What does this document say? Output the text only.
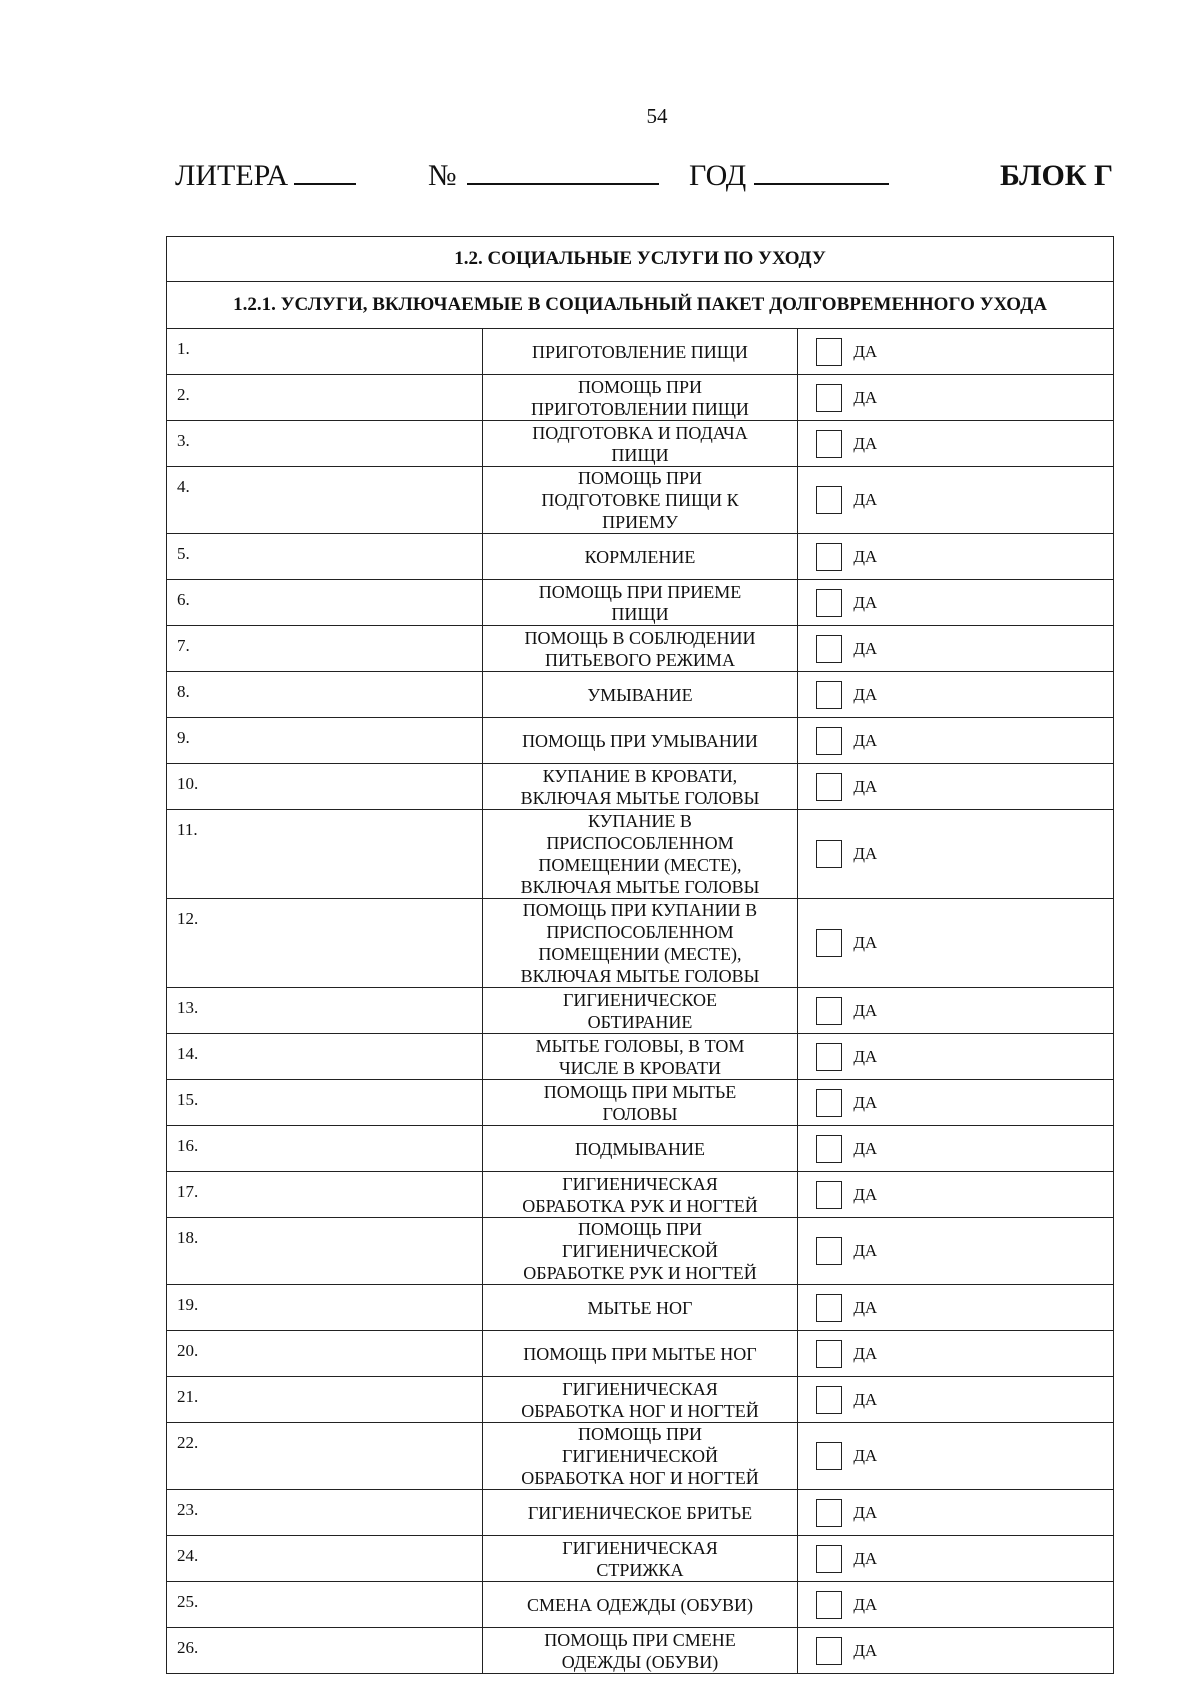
54
ЛИТЕРА	№	ГОД	БЛОК Г
1.2. СОЦИАЛЬНЫЕ УСЛУГИ ПО УХОДУ		
1.2.1. УСЛУГИ, ВКЛЮЧАЕМЫЕ В СОЦИАЛЬНЫЙ ПАКЕТ ДОЛГОВРЕМЕННОГО УХОДА		
1.	ПРИГОТОВЛЕНИЕ ПИЩИ	ДА

2.	ПОМОЩЬ ПРИ ПРИГОТОВЛЕНИИ ПИЩИ	ДА

3.	ПОДГОТОВКА И ПОДАЧА ПИЩИ	ДА

4.	ПОМОЩЬ ПРИ ПОДГОТОВКЕ ПИЩИ К ПРИЕМУ	ДА

5.	КОРМЛЕНИЕ	ДА

6.	ПОМОЩЬ ПРИ ПРИЕМЕ ПИЩИ	ДА

7.	ПОМОЩЬ В СОБЛЮДЕНИИ ПИТЬЕВОГО РЕЖИМА	ДА

8.	УМЫВАНИЕ	ДА

9.	ПОМОЩЬ ПРИ УМЫВАНИИ	ДА

10.	КУПАНИЕ В КРОВАТИ, ВКЛЮЧАЯ МЫТЬЕ ГОЛОВЫ	ДА

11.	КУПАНИЕ В ПРИСПОСОБЛЕННОМ ПОМЕЩЕНИИ (МЕСТЕ), ВКЛЮЧАЯ МЫТЬЕ ГОЛОВЫ	ДА

12.	ПОМОЩЬ ПРИ КУПАНИИ В ПРИСПОСОБЛЕННОМ ПОМЕЩЕНИИ (МЕСТЕ), ВКЛЮЧАЯ МЫТЬЕ ГОЛОВЫ	ДА

13.	ГИГИЕНИЧЕСКОЕ ОБТИРАНИЕ	ДА

14.	МЫТЬЕ ГОЛОВЫ, В ТОМ ЧИСЛЕ В КРОВАТИ	ДА

15.	ПОМОЩЬ ПРИ МЫТЬЕ ГОЛОВЫ	ДА

16.	ПОДМЫВАНИЕ	ДА

17.	ГИГИЕНИЧЕСКАЯ ОБРАБОТКА РУК И НОГТЕЙ	ДА

18.	ПОМОЩЬ ПРИ ГИГИЕНИЧЕСКОЙ ОБРАБОТКЕ РУК И НОГТЕЙ	ДА

19.	МЫТЬЕ НОГ	ДА

20.	ПОМОЩЬ ПРИ МЫТЬЕ НОГ	ДА

21.	ГИГИЕНИЧЕСКАЯ ОБРАБОТКА НОГ И НОГТЕЙ	ДА

22.	ПОМОЩЬ ПРИ ГИГИЕНИЧЕСКОЙ ОБРАБОТКА НОГ И НОГТЕЙ	ДА

23.	ГИГИЕНИЧЕСКОЕ БРИТЬЕ	ДА

24.	ГИГИЕНИЧЕСКАЯ СТРИЖКА	ДА

25.	СМЕНА ОДЕЖДЫ (ОБУВИ)	ДА

26.	ПОМОЩЬ ПРИ СМЕНЕ ОДЕЖДЫ (ОБУВИ)	ДА
